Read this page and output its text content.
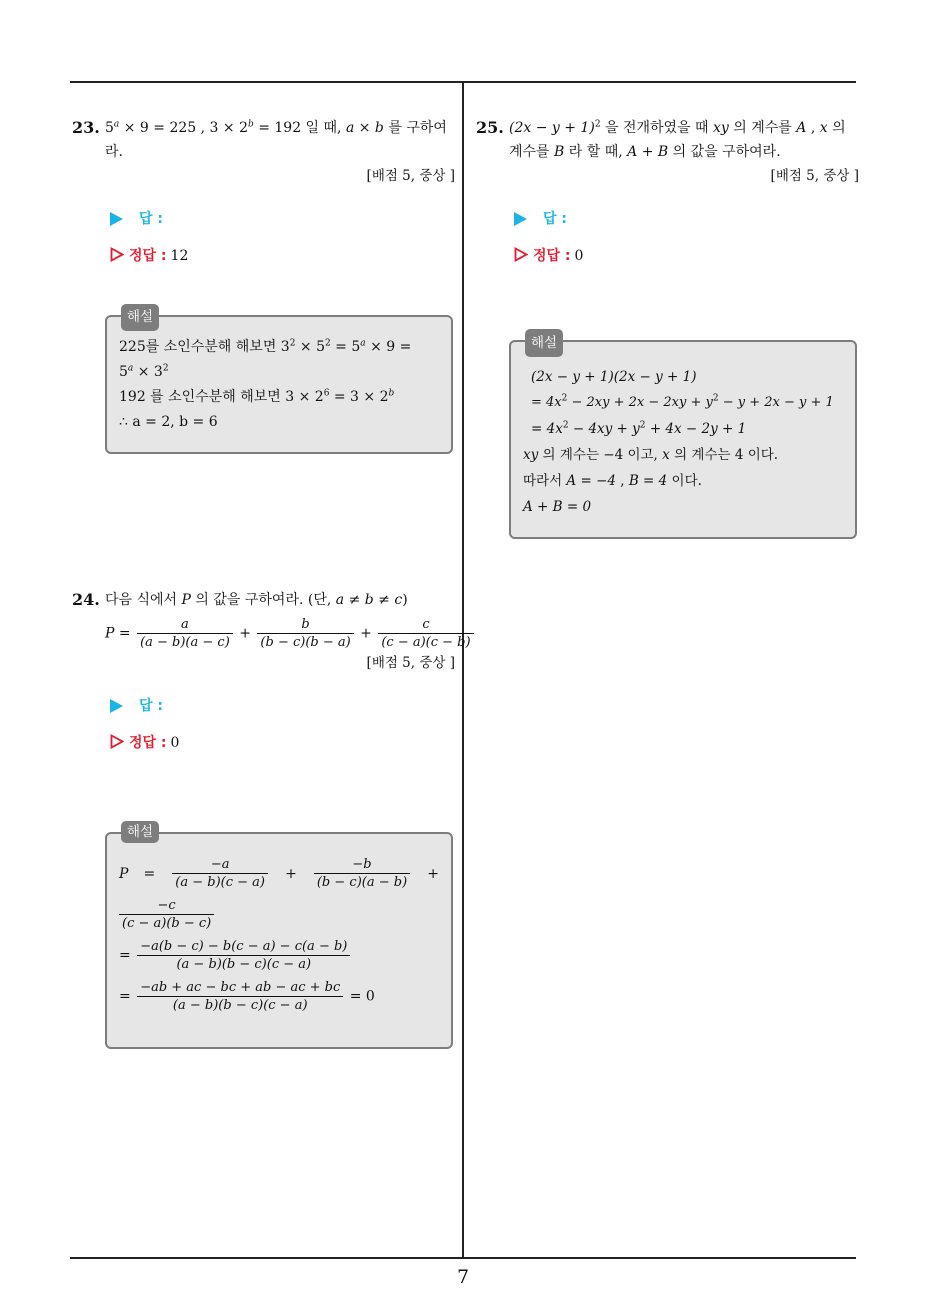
7
23. $5^a \times 9 = 225$ , $3 \times 2^b = 192$ 일 때, a × b 를 구하여라.
[배점 5, 중상 ]
답 :
정답 : 12
해설
225를 소인수분해 해보면 $3^2 \times 5^2 = 5^a \times 9$ =
$5^a \times 3^2$
192 를 소인수분해 해보면 $3 \times 2^6 = 3 \times 2^b$
∴ a = 2, b = 6
24. 다음 식에서 P 의 값을 구하여라. (단, a ≠ b ≠ c)
$P = \frac{a}{(a - b)(a - c)} + \frac{b}{(b - c)(b - a)} + \frac{c}{(c - a)(c - b)}$
[배점 5, 중상 ]
답 :
정답 : 0
해설
$P = \frac{-a}{(a - b)(c - a)} + \frac{-b}{(b - c)(a - b)}$ +
$\frac{-c}{(c - a)(b - c)}$
= $\frac{-a(b - c) - b(c - a) - c(a - b)}{(a - b)(b - c)(c - a)}$
= $\frac{-ab + ac - bc + ab - ac + bc}{(a - b)(b - c)(c - a)} = 0$
25. $(2x - y + 1)^2$ 을 전개하였을 때 xy 의 계수를 A , x 의
계수를 B 라 할 때, A + B 의 값을 구하여라.
[배점 5, 중상 ]
답 :
정답 : 0
해설
(2x − y + 1)(2x − y + 1)
= $4x^2 - 2xy + 2x - 2xy + y^2 - y + 2x - y + 1$
= $4x^2 - 4xy + y^2 + 4x - 2y + 1$
xy 의 계수는 −4 이고, x 의 계수는 4 이다.
따라서 A = −4 , B = 4 이다.
A + B = 0
